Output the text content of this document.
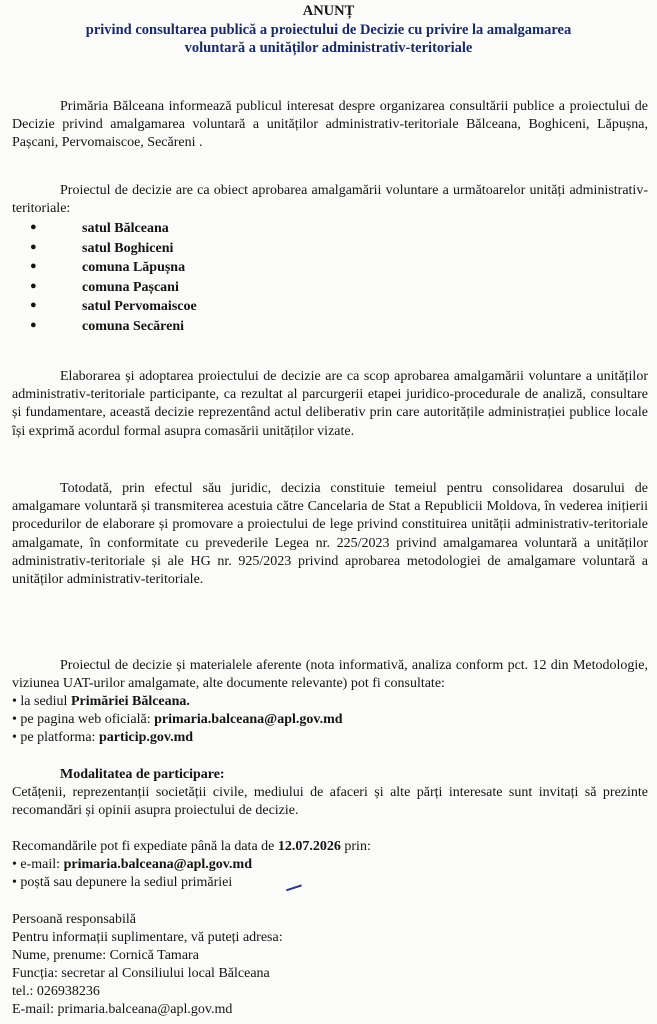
ANUNȚ
privind consultarea publică a proiectului de Decizie cu privire la amalgamarea
voluntară a unităților administrativ-teritoriale

Primăria Bălceana informează publicul interesat despre organizarea consultării publice a proiectului de Decizie privind amalgamarea voluntară a unităților administrativ-teritoriale Bălceana, Boghiceni, Lăpușna, Pașcani, Pervomaiscoe, Secăreni .

Proiectul de decizie are ca obiect aprobarea amalgamării voluntare a următoarelor unități administrativ-teritoriale:

● satul Bălceana
● satul Boghiceni
● comuna Lăpușna
● comuna Pașcani
● satul Pervomaiscoe
● comuna Secăreni

Elaborarea și adoptarea proiectului de decizie are ca scop aprobarea amalgamării voluntare a unităților administrativ-teritoriale participante, ca rezultat al parcurgerii etapei juridico-procedurale de analiză, consultare și fundamentare, această decizie reprezentând actul deliberativ prin care autoritățile administrației publice locale își exprimă acordul formal asupra comasării unităților vizate.

Totodată, prin efectul său juridic, decizia constituie temeiul pentru consolidarea dosarului de amalgamare voluntară și transmiterea acestuia către Cancelaria de Stat a Republicii Moldova, în vederea inițierii procedurilor de elaborare și promovare a proiectului de lege privind constituirea unității administrativ-teritoriale amalgamate, în conformitate cu prevederile Legea nr. 225/2023 privind amalgamarea voluntară a unităților administrativ-teritoriale și ale HG nr. 925/2023 privind aprobarea metodologiei de amalgamare voluntară a unităților administrativ-teritoriale.

Proiectul de decizie și materialele aferente (nota informativă, analiza conform pct. 12 din Metodologie, viziunea UAT-urilor amalgamate, alte documente relevante) pot fi consultate:

• la sediul Primăriei Bălceana.
• pe pagina web oficială: primaria.balceana@apl.gov.md
• pe platforma: particip.gov.md
Modalitatea de participare:

Cetățenii, reprezentanții societății civile, mediului de afaceri și alte părți interesate sunt invitați să prezinte recomandări și opinii asupra proiectului de decizie.

Recomandările pot fi expediate până la data de 12.07.2026 prin:
• e-mail: primaria.balceana@apl.gov.md
• poștă sau depunere la sediul primăriei
Persoană responsabilă
Pentru informații suplimentare, vă puteți adresa:
Nume, prenume: Cornică Tamara
Funcția: secretar al Consiliului local Bălceana
tel.: 026938236
E-mail: primaria.balceana@apl.gov.md
